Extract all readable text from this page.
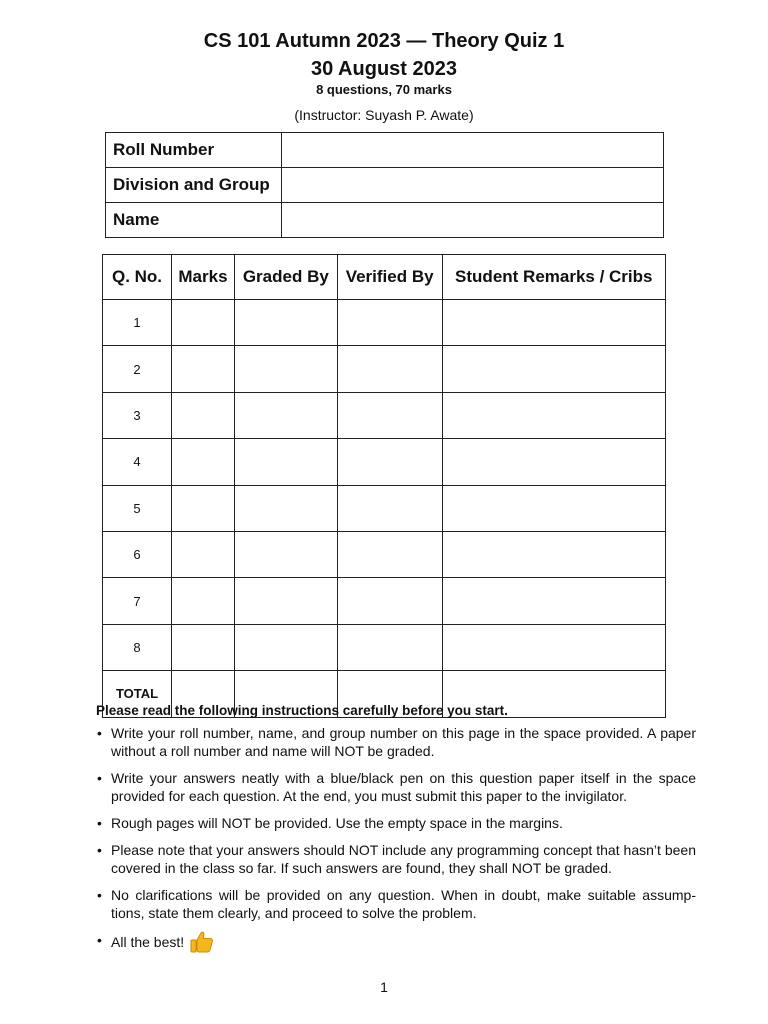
CS 101 Autumn 2023 — Theory Quiz 1
30 August 2023
8 questions, 70 marks
(Instructor: Suyash P. Awate)
Roll Number	
Division and Group	
Name	
Q. No.	Marks	Graded By	Verified By	Student Remarks / Cribs
1				
2				
3				
4				
5				
6				
7				
8				
TOTAL				
Please read the following instructions carefully before you start.
• Write your roll number, name, and group number on this page in the space provided. A paper without a roll number and name will NOT be graded.
• Write your answers neatly with a blue/black pen on this question paper itself in the space provided for each question. At the end, you must submit this paper to the invigilator.
• Rough pages will NOT be provided. Use the empty space in the margins.
• Please note that your answers should NOT include any programming concept that hasn’t been covered in the class so far. If such answers are found, they shall NOT be graded.
• No clarifications will be provided on any question. When in doubt, make suitable assump-tions, state them clearly, and proceed to solve the problem.
• All the best!
1
